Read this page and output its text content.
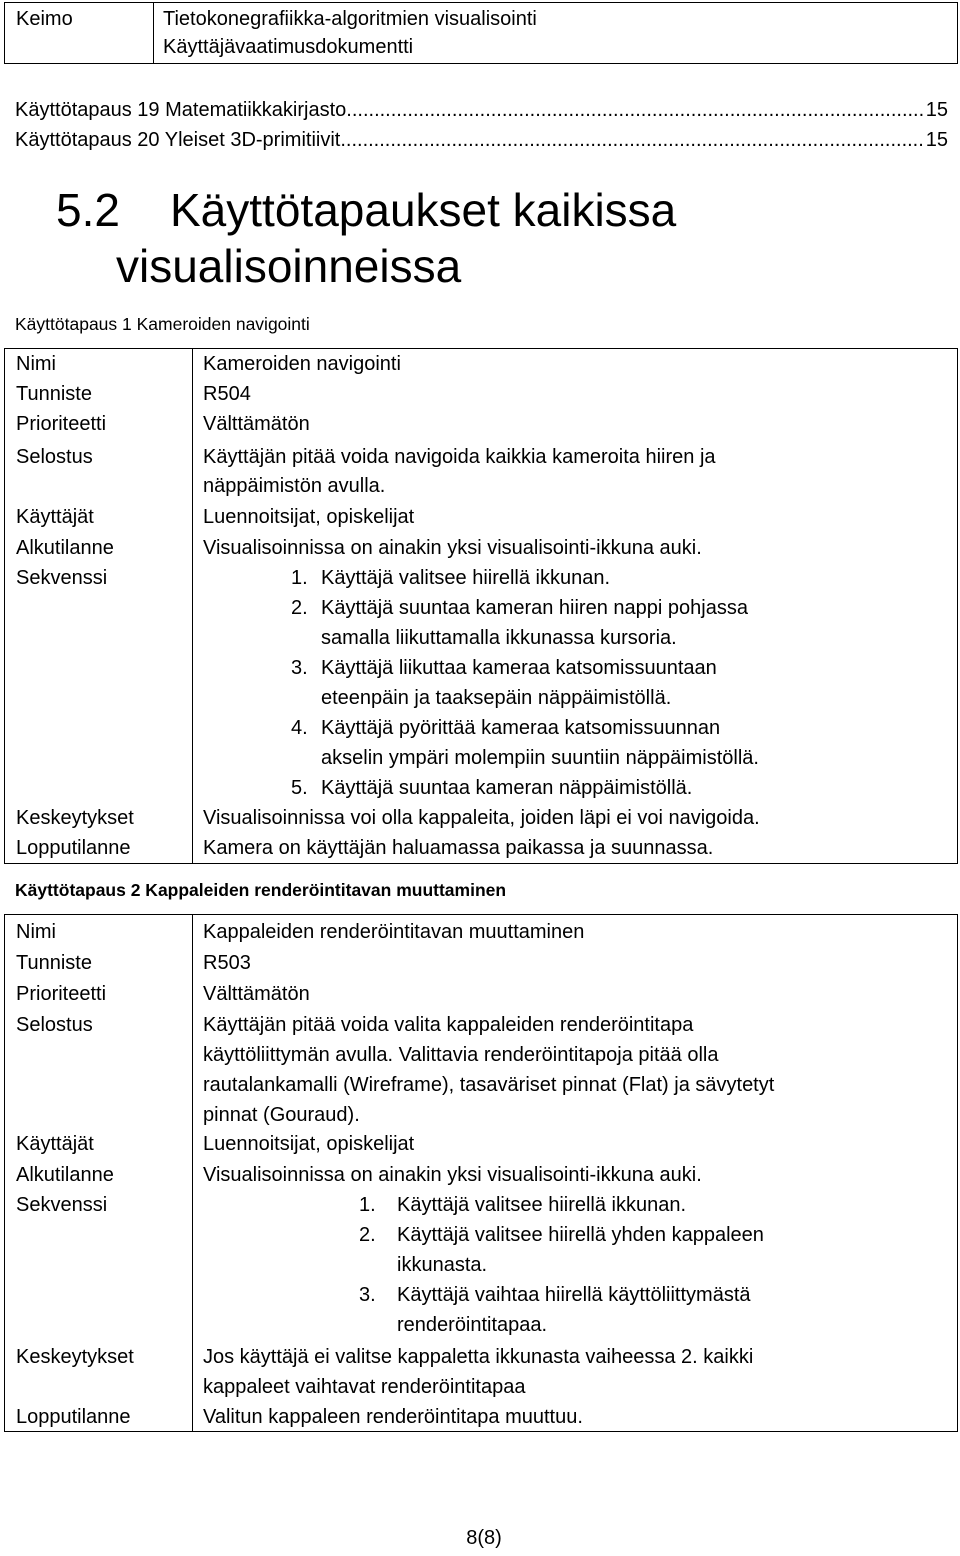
Keimo	Tietokonegrafiikka-algoritmien visualisointi
Käyttäjävaatimusdokumentti
Käyttötapaus 19 Matematiikkakirjasto .....	15
Käyttötapaus 20 Yleiset 3D-primitiivit .....	15
5.2 Käyttötapaukset kaikissa
visualisoinneissa
Käyttötapaus 1 Kameroiden navigointi
Nimi	Kameroiden navigointi
Tunniste	R504
Prioriteetti	Välttämätön
Selostus	Käyttäjän pitää voida navigoida kaikkia kameroita hiiren ja
näppäimistön avulla.
Käyttäjät	Luennoitsijat, opiskelijat
Alkutilanne	Visualisoinnissa on ainakin yksi visualisointi-ikkuna auki.
Sekvenssi	1. Käyttäjä valitsee hiirellä ikkunan.
2. Käyttäjä suuntaa kameran hiiren nappi pohjassa
samalla liikuttamalla ikkunassa kursoria.
3. Käyttäjä liikuttaa kameraa katsomissuuntaan
eteenpäin ja taaksepäin näppäimistöllä.
4. Käyttäjä pyörittää kameraa katsomissuunnan
akselin ympäri molempiin suuntiin näppäimistöllä.
5. Käyttäjä suuntaa kameran näppäimistöllä.
Keskeytykset	Visualisoinnissa voi olla kappaleita, joiden läpi ei voi navigoida.
Lopputilanne	Kamera on käyttäjän haluamassa paikassa ja suunnassa.
Käyttötapaus 2 Kappaleiden renderöintitavan muuttaminen
Nimi	Kappaleiden renderöintitavan muuttaminen
Tunniste	R503
Prioriteetti	Välttämätön
Selostus	Käyttäjän pitää voida valita kappaleiden renderöintitapa
käyttöliittymän avulla. Valittavia renderöintitapoja pitää olla
rautalankamalli (Wireframe), tasaväriset pinnat (Flat) ja sävytetyt
pinnat (Gouraud).
Käyttäjät	Luennoitsijat, opiskelijat
Alkutilanne	Visualisoinnissa on ainakin yksi visualisointi-ikkuna auki.
Sekvenssi	1. Käyttäjä valitsee hiirellä ikkunan.
2. Käyttäjä valitsee hiirellä yhden kappaleen
ikkunasta.
3. Käyttäjä vaihtaa hiirellä käyttöliittymästä
renderöintitapaa.
Keskeytykset	Jos käyttäjä ei valitse kappaletta ikkunasta vaiheessa 2. kaikki
kappaleet vaihtavat renderöintitapaa
Lopputilanne	Valitun kappaleen renderöintitapa muuttuu.
8(8)
